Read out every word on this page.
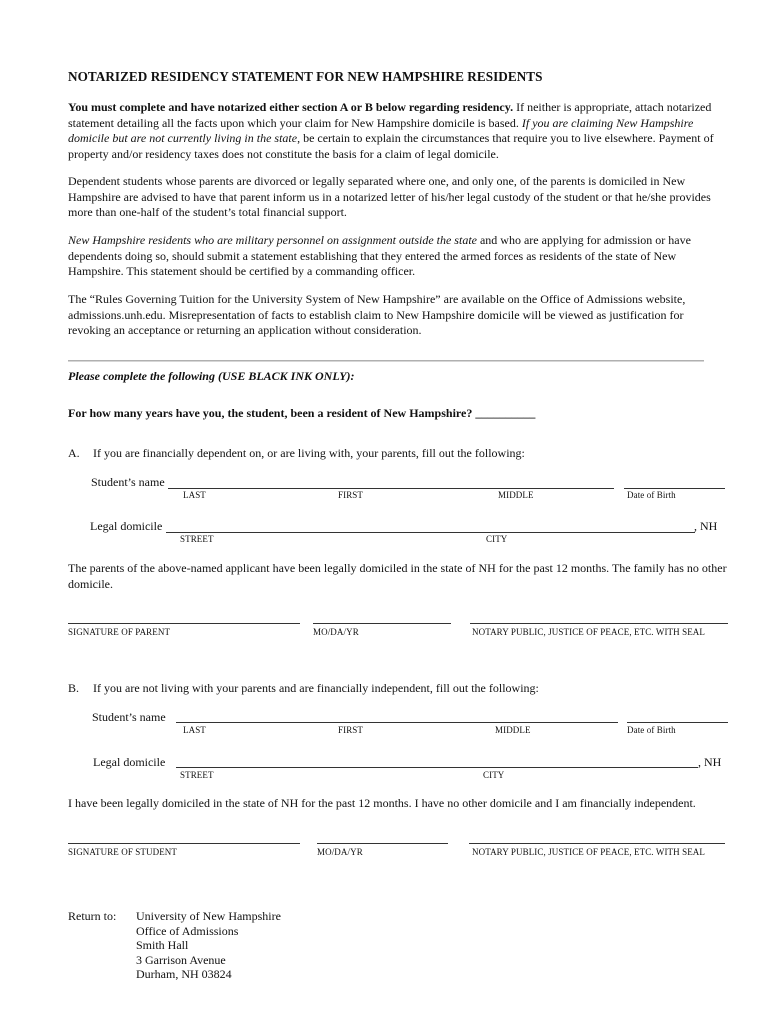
NOTARIZED RESIDENCY STATEMENT FOR NEW HAMPSHIRE RESIDENTS

You must complete and have notarized either section A or B below regarding residency. If neither is appropriate, attach notarized statement detailing all the facts upon which your claim for New Hampshire domicile is based. If you are claiming New Hampshire domicile but are not currently living in the state, be certain to explain the circumstances that require you to live elsewhere. Payment of property and/or residency taxes does not constitute the basis for a claim of legal domicile.

Dependent students whose parents are divorced or legally separated where one, and only one, of the parents is domiciled in New Hampshire are advised to have that parent inform us in a notarized letter of his/her legal custody of the student or that he/she provides more than one-half of the student’s total financial support.

New Hampshire residents who are military personnel on assignment outside the state and who are applying for admission or have dependents doing so, should submit a statement establishing that they entered the armed forces as residents of the state of New Hampshire. This statement should be certified by a commanding officer.

The “Rules Governing Tuition for the University System of New Hampshire” are available on the Office of Admissions website, admissions.unh.edu. Misrepresentation of facts to establish claim to New Hampshire domicile will be viewed as justification for revoking an acceptance or returning an application without consideration.

Please complete the following (USE BLACK INK ONLY):
For how many years have you, the student, been a resident of New Hampshire? __________
A. If you are financially dependent on, or are living with, your parents, fill out the following:
Student’s name
LAST	FIRST	MIDDLE	Date of Birth
Legal domicile	, NH
STREET	CITY

The parents of the above-named applicant have been legally domiciled in the state of NH for the past 12 months. The family has no other domicile.

SIGNATURE OF PARENT	MO/DA/YR	NOTARY PUBLIC, JUSTICE OF PEACE, ETC. WITH SEAL
B. If you are not living with your parents and are financially independent, fill out the following:
Student’s name
LAST	FIRST	MIDDLE	Date of Birth
Legal domicile	, NH
STREET	CITY
I have been legally domiciled in the state of NH for the past 12 months. I have no other domicile and I am financially independent.
SIGNATURE OF STUDENT	MO/DA/YR	NOTARY PUBLIC, JUSTICE OF PEACE, ETC. WITH SEAL
Return to: University of New Hampshire
Office of Admissions
Smith Hall
3 Garrison Avenue
Durham, NH 03824
